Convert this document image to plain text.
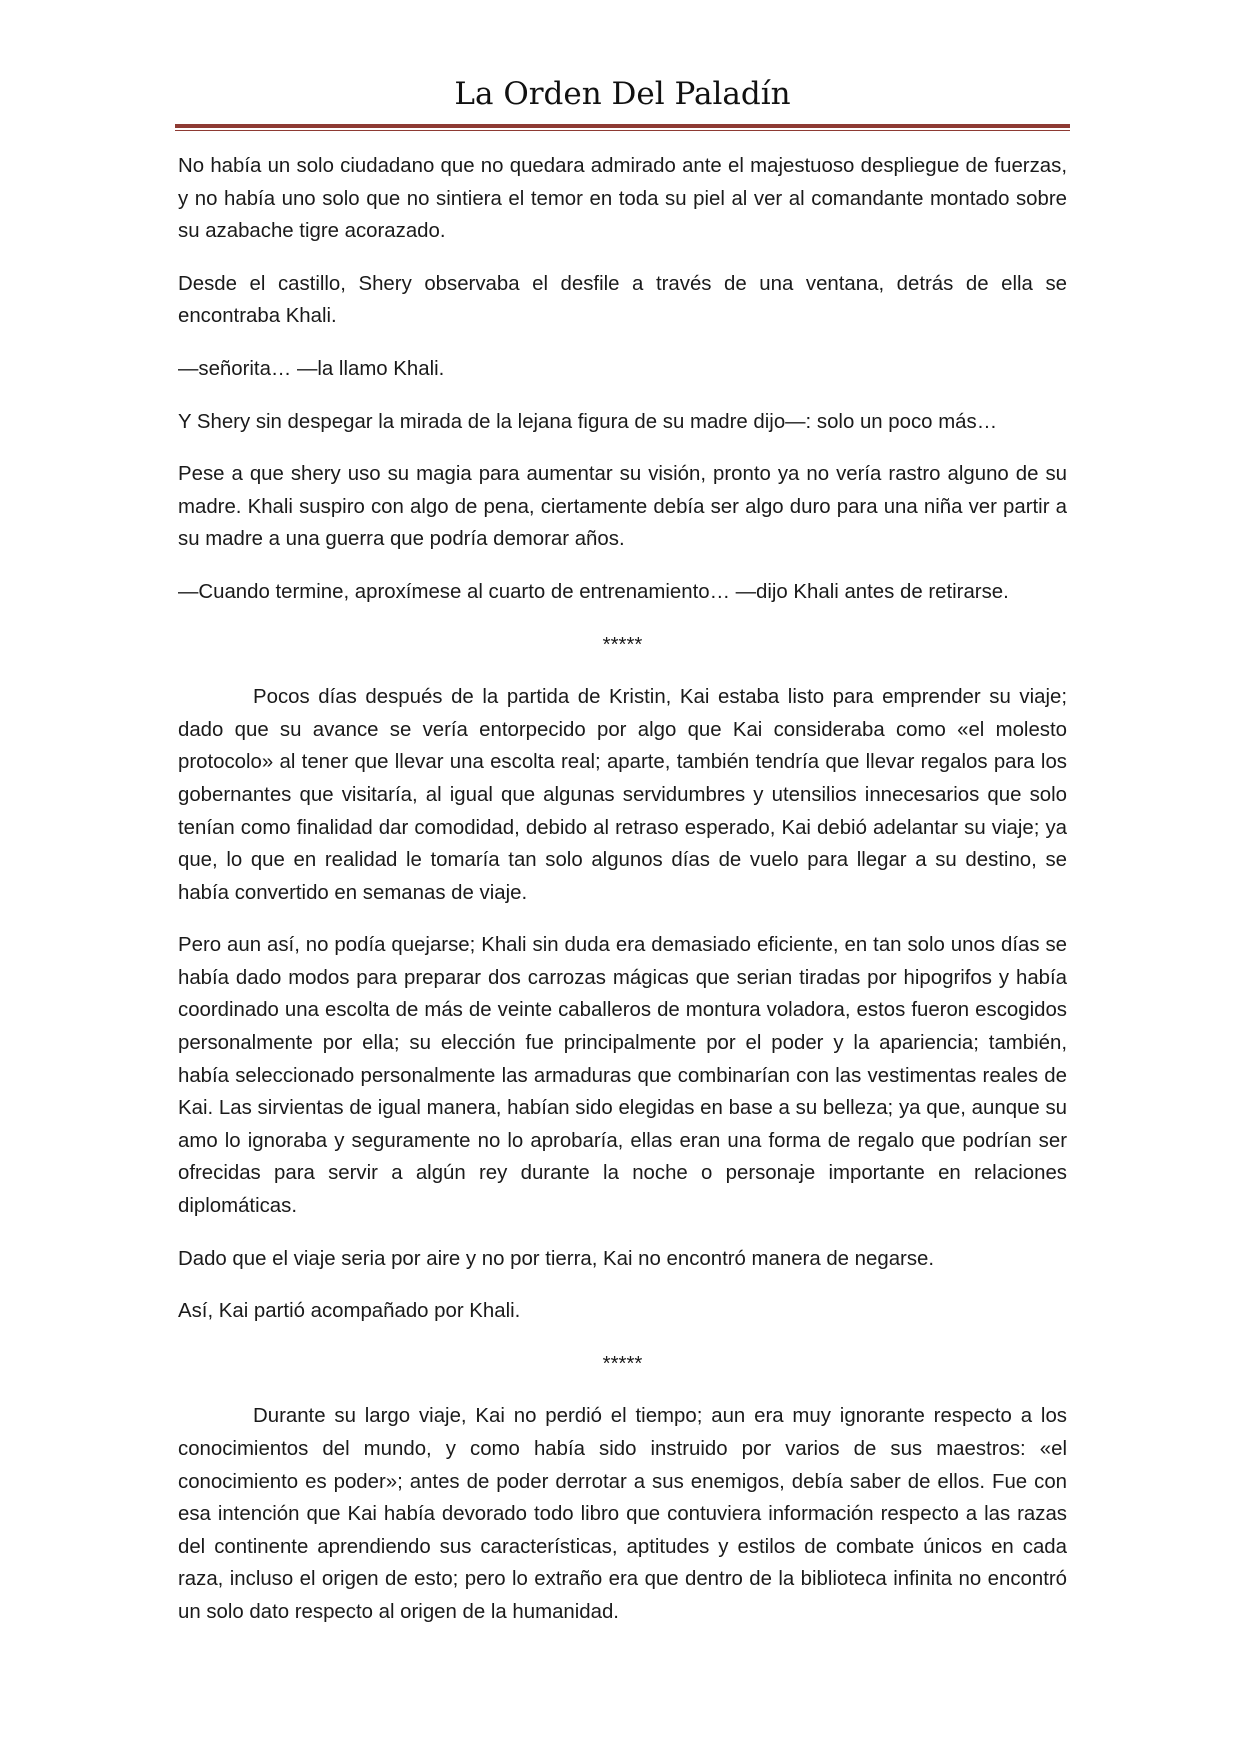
La Orden Del Paladín

No había un solo ciudadano que no quedara admirado ante el majestuoso despliegue de fuerzas, y no había uno solo que no sintiera el temor en toda su piel al ver al comandante montado sobre su azabache tigre acorazado.

Desde el castillo, Shery observaba el desfile a través de una ventana, detrás de ella se encontraba Khali.

—señorita… —la llamo Khali.

Y Shery sin despegar la mirada de la lejana figura de su madre dijo—: solo un poco más…

Pese a que shery uso su magia para aumentar su visión, pronto ya no vería rastro alguno de su madre. Khali suspiro con algo de pena, ciertamente debía ser algo duro para una niña ver partir a su madre a una guerra que podría demorar años.

—Cuando termine, aproxímese al cuarto de entrenamiento… —dijo Khali antes de retirarse.

*****

Pocos días después de la partida de Kristin, Kai estaba listo para emprender su viaje; dado que su avance se vería entorpecido por algo que Kai consideraba como «el molesto protocolo» al tener que llevar una escolta real; aparte, también tendría que llevar regalos para los gobernantes que visitaría, al igual que algunas servidumbres y utensilios innecesarios que solo tenían como finalidad dar comodidad, debido al retraso esperado, Kai debió adelantar su viaje; ya que, lo que en realidad le tomaría tan solo algunos días de vuelo para llegar a su destino, se había convertido en semanas de viaje.

Pero aun así, no podía quejarse; Khali sin duda era demasiado eficiente, en tan solo unos días se había dado modos para preparar dos carrozas mágicas que serian tiradas por hipogrifos y había coordinado una escolta de más de veinte caballeros de montura voladora, estos fueron escogidos personalmente por ella; su elección fue principalmente por el poder y la apariencia; también, había seleccionado personalmente las armaduras que combinarían con las vestimentas reales de Kai. Las sirvientas de igual manera, habían sido elegidas en base a su belleza; ya que, aunque su amo lo ignoraba y seguramente no lo aprobaría, ellas eran una forma de regalo que podrían ser ofrecidas para servir a algún rey durante la noche o personaje importante en relaciones diplomáticas.

Dado que el viaje seria por aire y no por tierra, Kai no encontró manera de negarse.

Así, Kai partió acompañado por Khali.

*****

Durante su largo viaje, Kai no perdió el tiempo; aun era muy ignorante respecto a los conocimientos del mundo, y como había sido instruido por varios de sus maestros: «el conocimiento es poder»; antes de poder derrotar a sus enemigos, debía saber de ellos. Fue con esa intención que Kai había devorado todo libro que contuviera información respecto a las razas del continente aprendiendo sus características, aptitudes y estilos de combate únicos en cada raza, incluso el origen de esto; pero lo extraño era que dentro de la biblioteca infinita no encontró un solo dato respecto al origen de la humanidad.
